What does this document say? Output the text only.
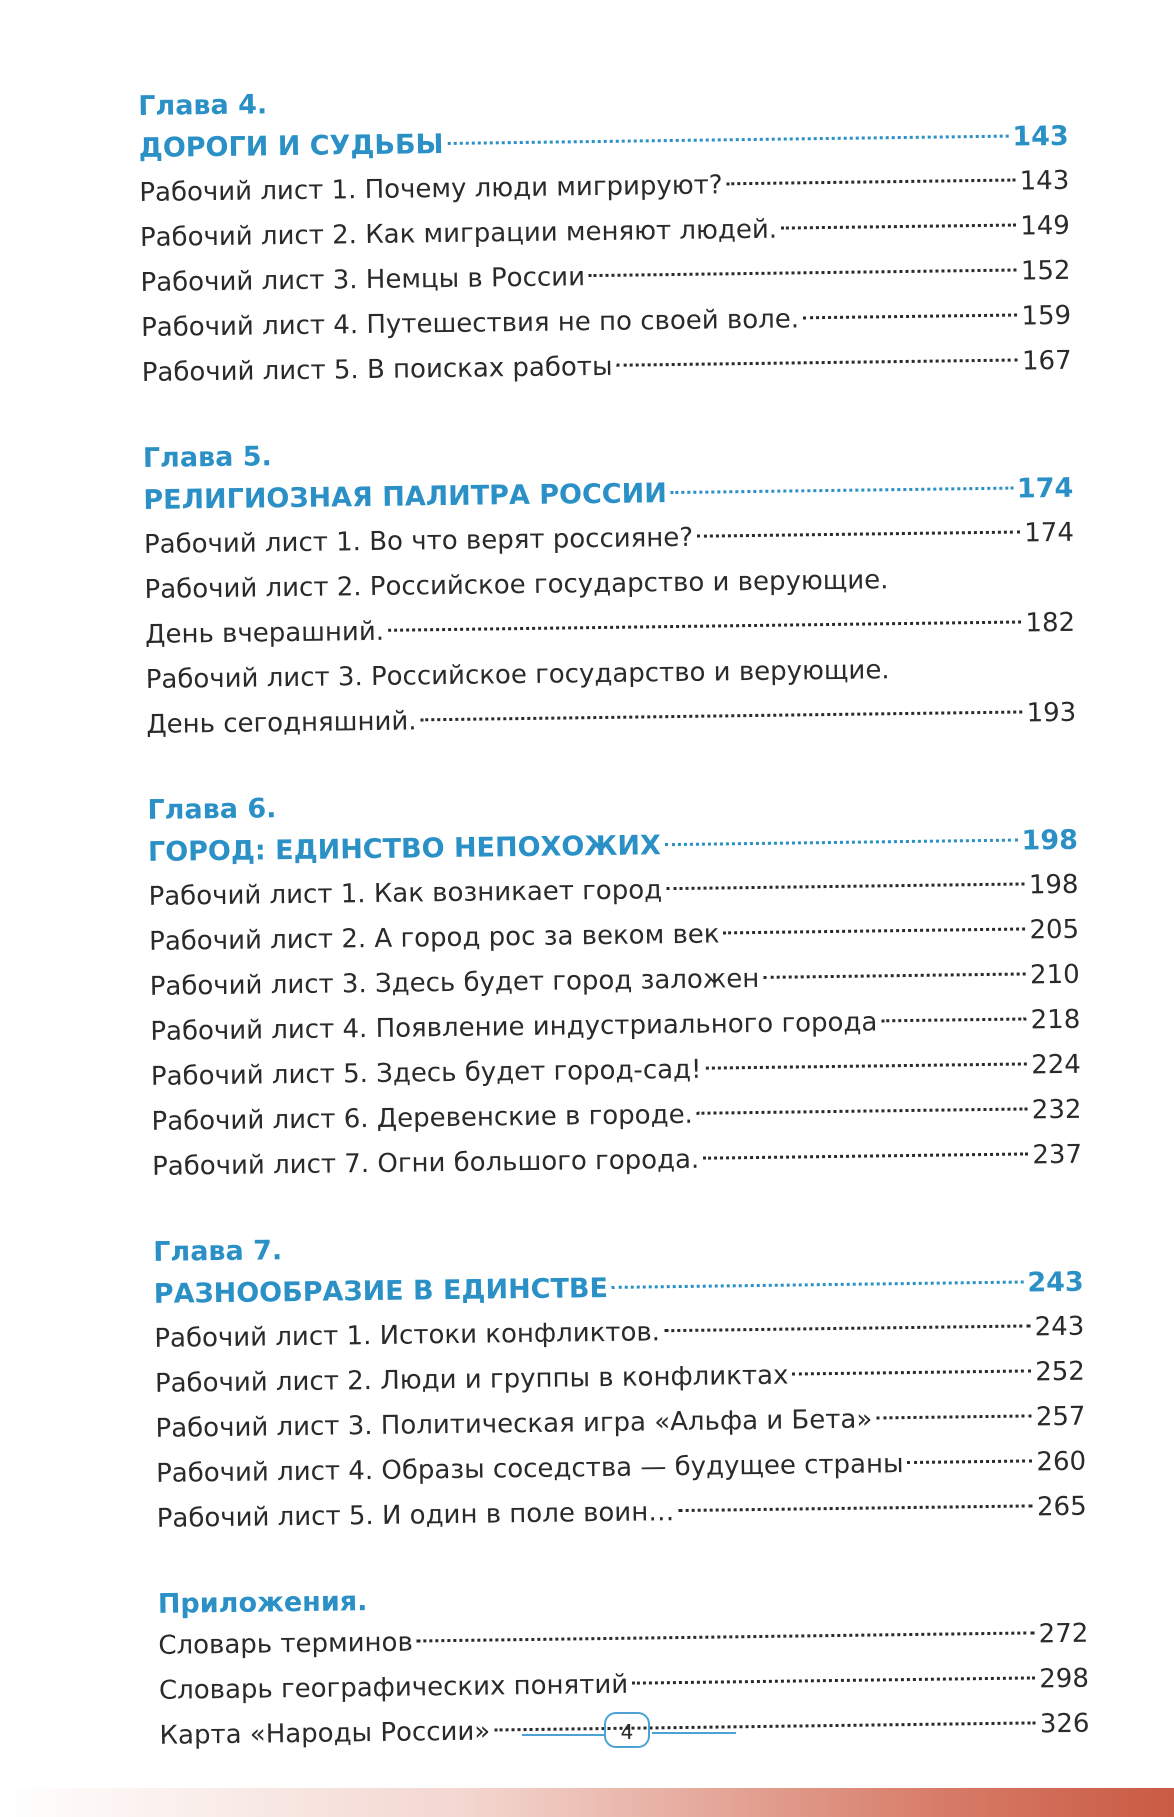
Глава 4.
ДОРОГИ И СУДЬБЫ	143
Рабочий лист 1. Почему люди мигрируют?	143
Рабочий лист 2. Как миграции меняют людей.	149
Рабочий лист 3. Немцы в России	152
Рабочий лист 4. Путешествия не по своей воле.	159
Рабочий лист 5. В поисках работы	167
Глава 5.
РЕЛИГИОЗНАЯ ПАЛИТРА РОССИИ	174
Рабочий лист 1. Во что верят россияне?	174
Рабочий лист 2. Российское государство и верующие.
День вчерашний.	182
Рабочий лист 3. Российское государство и верующие.
День сегодняшний.	193
Глава 6.
ГОРОД: ЕДИНСТВО НЕПОХОЖИХ	198
Рабочий лист 1. Как возникает город	198
Рабочий лист 2. А город рос за веком век	205
Рабочий лист 3. Здесь будет город заложен	210
Рабочий лист 4. Появление индустриального города	218
Рабочий лист 5. Здесь будет город-сад!	224
Рабочий лист 6. Деревенские в городе.	232
Рабочий лист 7. Огни большого города.	237
Глава 7.
РАЗНООБРАЗИЕ В ЕДИНСТВЕ	243
Рабочий лист 1. Истоки конфликтов.	243
Рабочий лист 2. Люди и группы в конфликтах	252
Рабочий лист 3. Политическая игра «Альфа и Бета»	257
Рабочий лист 4. Образы соседства — будущее страны	260
Рабочий лист 5. И один в поле воин…	265
Приложения.
Словарь терминов	272
Словарь географических понятий	298
Карта «Народы России»	326
4
